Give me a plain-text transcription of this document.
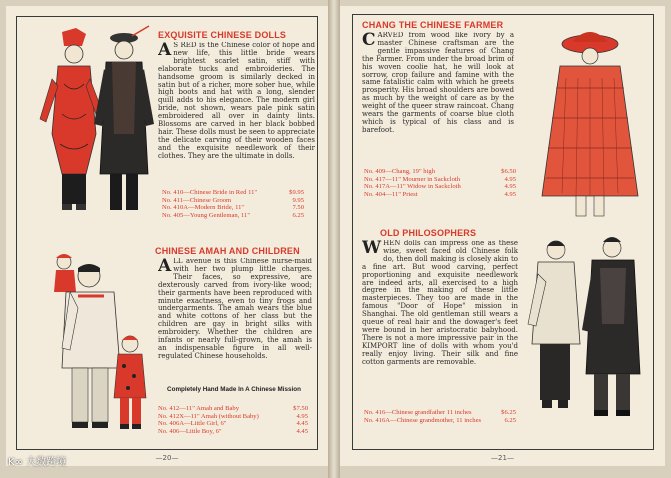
EXQUISITE CHINESE DOLLS
A S RED is the Chinese color of hope and new life, this little bride wears brightest scarlet satin, stiff with elaborate tucks and embroideries. The handsome groom is similarly decked in satin but of a richer, more sober hue, while high boots and hat with a long, slender quill adds to his elegance. The modern girl bride, not shown, wears pale pink satin embroidered all over in dainty lints. Blossoms are carved in her black bobbed hair. These dolls must be seen to appreciate the delicate carving of their wooden faces and the exquisite needlework of their clothes. They are the ultimate in dolls.
No. 410—Chinese Bride in Red 11"	$9.95
No. 411—Chinese Groom	9.95
No. 410A—Modern Bride, 11"	7.50
No. 405—Young Gentleman, 11"	6.25
CHINESE AMAH AND CHILDREN
ALL avenue is this Chinese nurse-maid with her two plump little charges. Their faces, so expressive, are dexterously carved from ivory-like wood; their garments have been reproduced with minute exactness, even to tiny frogs and undergarments. The amah wears the blue and white cottons of her class but the children are gay in bright silks with embroidery. Whether the children are infants or nearly full-grown, the amah is an indispensable figure in all well-regulated Chinese households.
Completely Hand Made In A Chinese Mission
No. 412—11" Amah and Baby	$7.50
No. 412X—11" Amah (without Baby)	4.95
No. 406A—Little Girl, 6"	4.45
No. 406—Little Boy, 6"	4.45
—20—
CHANG THE CHINESE FARMER
CARVED from wood like ivory by a master Chinese craftsman are the gentle impassive features of Chang the Farmer. From under the broad brim of his woven coolie hat, he will look at sorrow, crop failure and famine with the same fatalistic calm with which he greets prosperity. His broad shoulders are bowed as much by the weight of care as by the weight of the queer straw raincoat. Chang wears the garments of coarse blue cloth which is typical of his class and is barefoot.
No. 409—Chang, 19" high	$6.50
No. 417—11" Mourner in Sackcloth	4.95
No. 417A—11" Widow in Sackcloth	4.95
No. 404—11" Priest	4.95
OLD PHILOSOPHERS
WHEN dolls can impress one as these wise, sweet faced old Chinese folk do, then doll making is closely akin to a fine art. But wood carving, perfect proportioning and exquisite needlework are indeed arts, all exercised to a high degree in the making of these little masterpieces. They too are made in the famous "Door of Hope" mission in Shanghai. The old gentleman still wears a queue of real hair and the dowager's feet were bound in her aristocratic babyhood. There is not a more impressive pair in the KIMPORT line of dolls with whom you'd really enjoy living. Their silk and fine cotton garments are removable.
No. 416—Chinese grandfather 11 inches	$6.25
No. 416A—Chinese grandmother, 11 inches	6.25
—21—
K∞ 大数跨境
